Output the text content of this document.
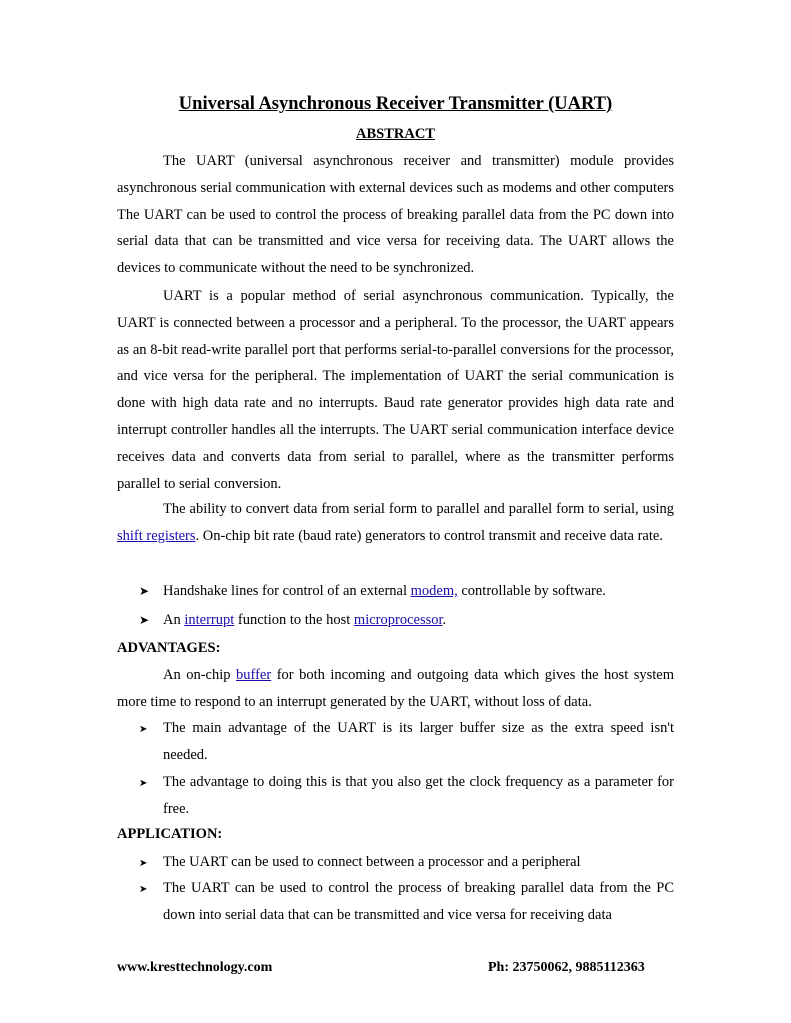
Universal Asynchronous Receiver Transmitter (UART)
ABSTRACT

The UART (universal asynchronous receiver and transmitter) module provides asynchronous serial communication with external devices such as modems and other computers The UART can be used to control the process of breaking parallel data from the PC down into serial data that can be transmitted and vice versa for receiving data. The UART allows the devices to communicate without the need to be synchronized.

UART is a popular method of serial asynchronous communication. Typically, the UART is connected between a processor and a peripheral. To the processor, the UART appears as an 8-bit read-write parallel port that performs serial-to-parallel conversions for the processor, and vice versa for the peripheral. The implementation of UART the serial communication is done with high data rate and no interrupts. Baud rate generator provides high data rate and interrupt controller handles all the interrupts. The UART serial communication interface device receives data and converts data from serial to parallel, where as the transmitter performs parallel to serial conversion.

The ability to convert data from serial form to parallel and parallel form to serial, using shift registers. On-chip bit rate (baud rate) generators to control transmit and receive data rate.

➤ Handshake lines for control of an external modem, controllable by software.
➤ An interrupt function to the host microprocessor.
ADVANTAGES:

An on-chip buffer for both incoming and outgoing data which gives the host system more time to respond to an interrupt generated by the UART, without loss of data.

➤ The main advantage of the UART is its larger buffer size as the extra speed isn't needed.
➤ The advantage to doing this is that you also get the clock frequency as a parameter for free.
APPLICATION:
➤ The UART can be used to connect between a processor and a peripheral
➤ The UART can be used to control the process of breaking parallel data from the PC down into serial data that can be transmitted and vice versa for receiving data
www.kresttechnology.com	Ph: 23750062, 9885112363
